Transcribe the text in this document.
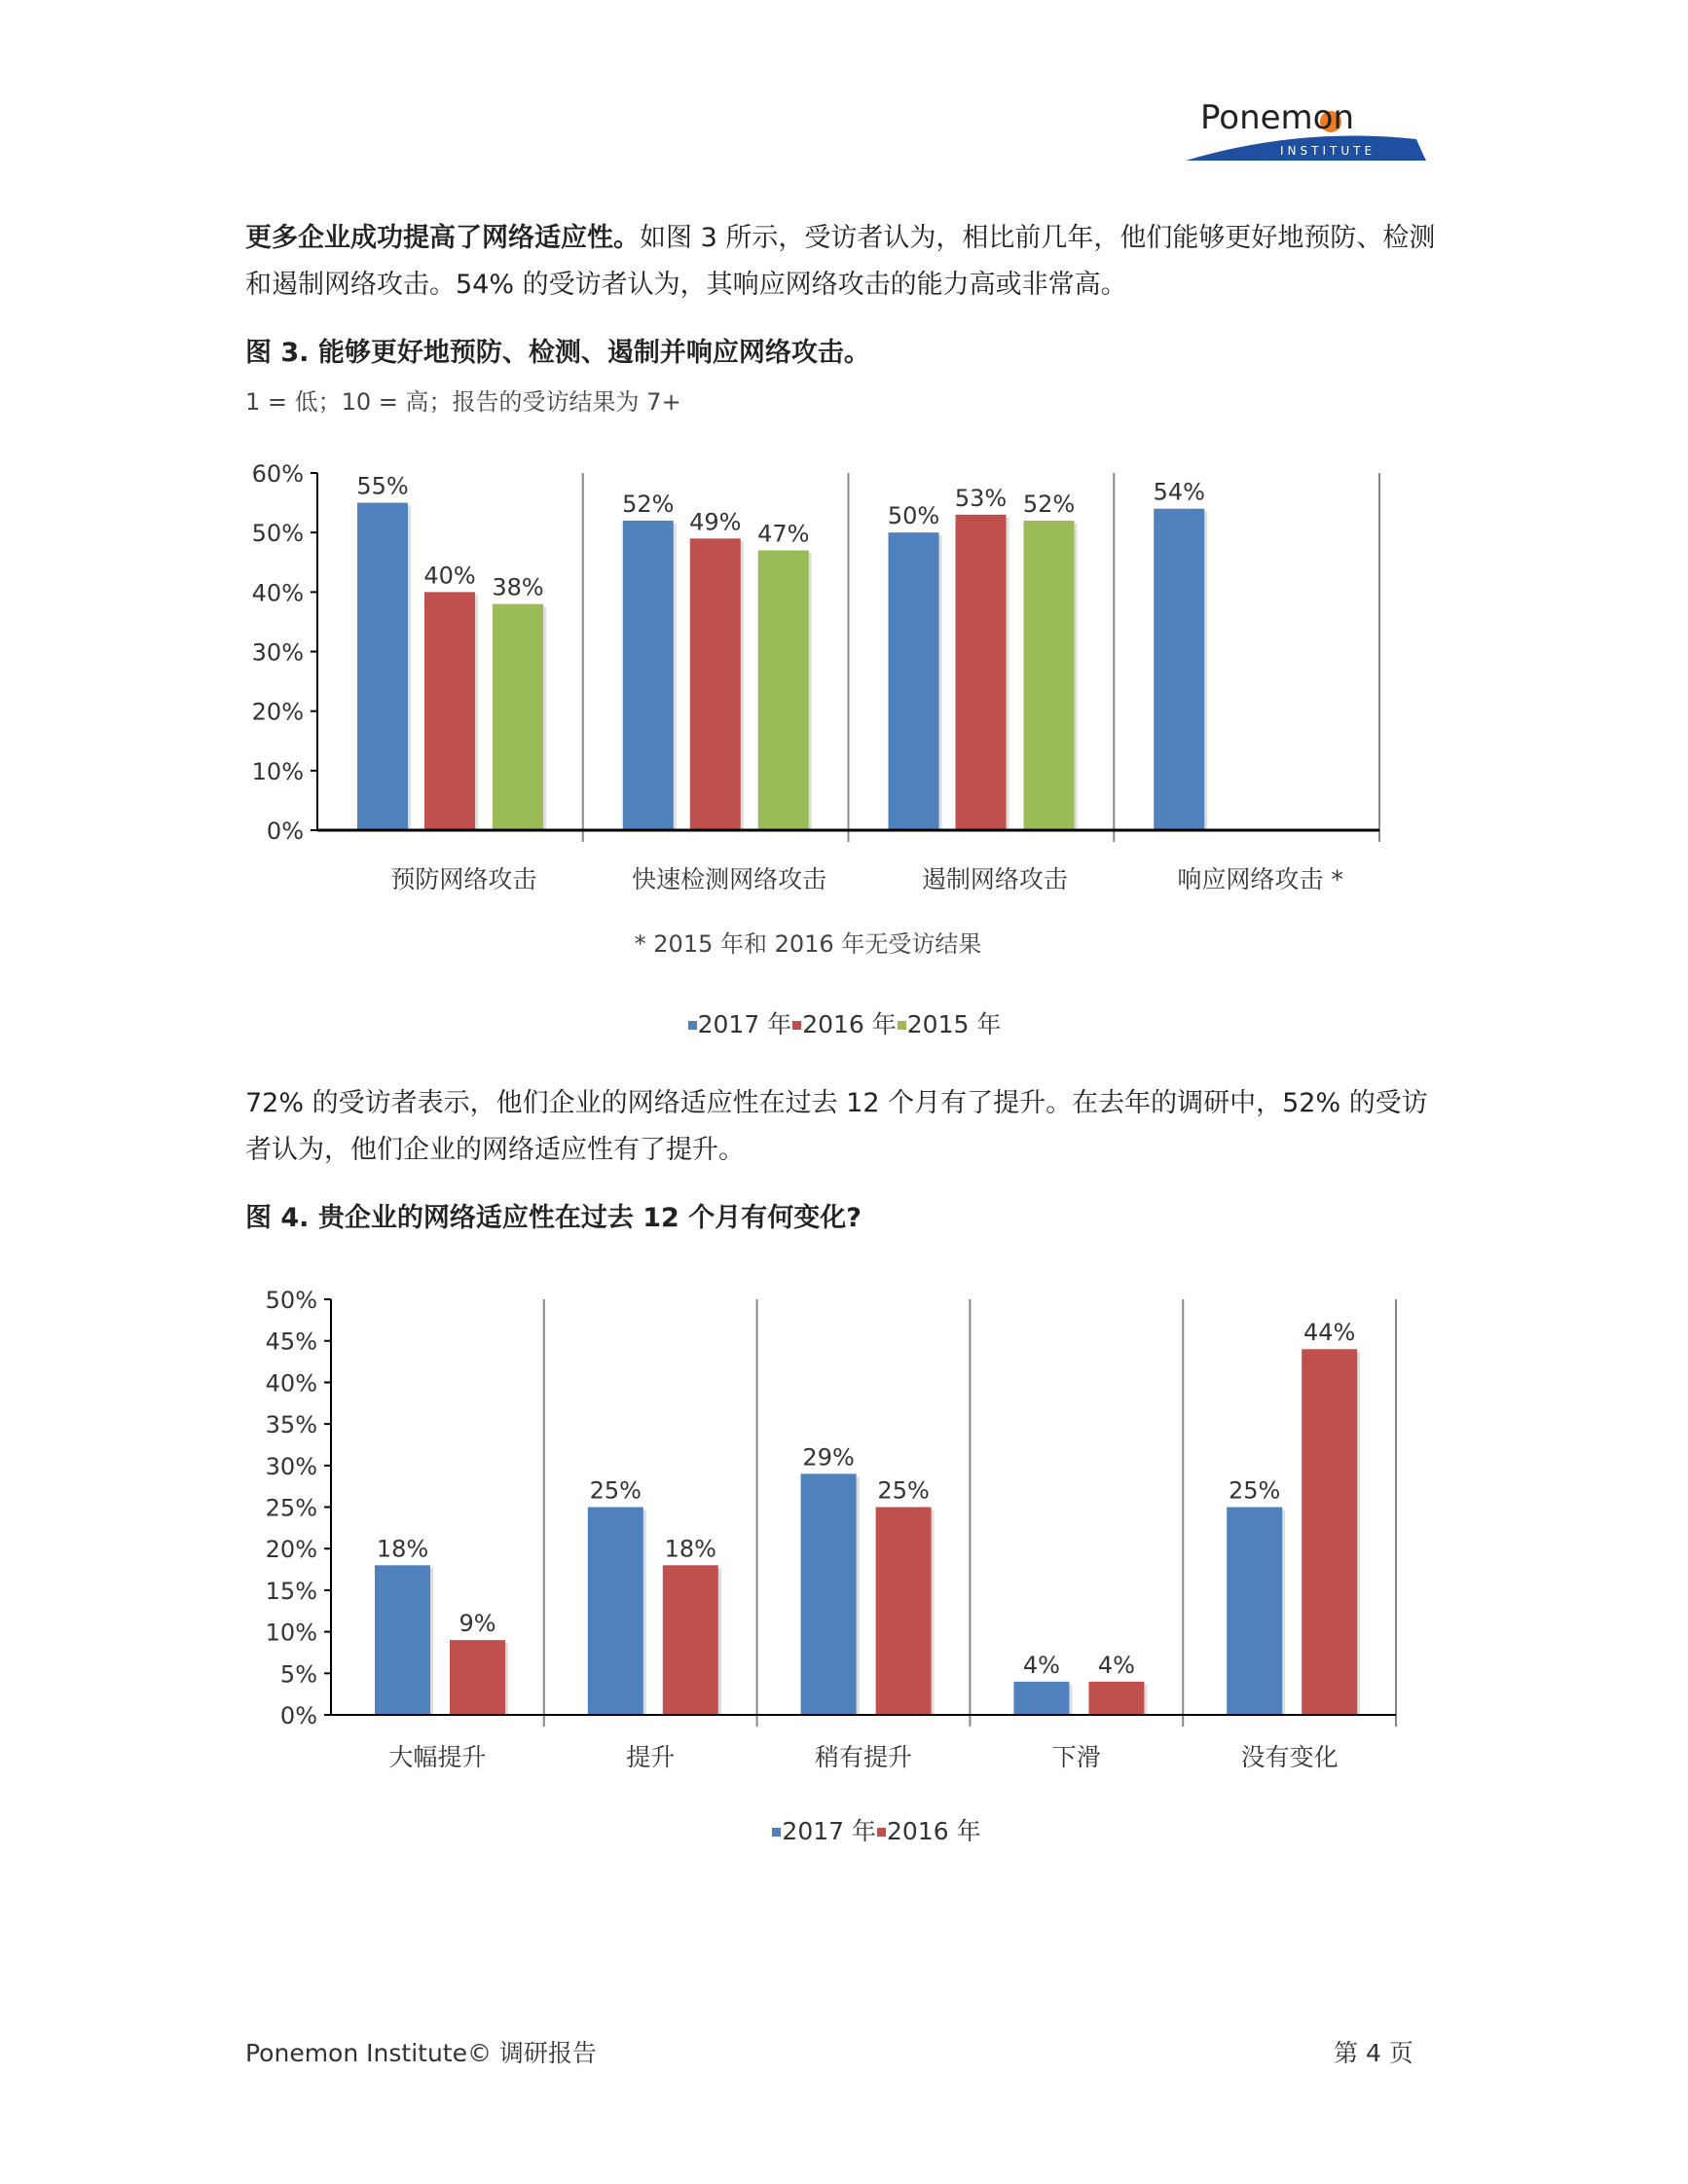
Ponemon
INSTITUTE
更多企业成功提高了网络适应性。如图 3 所示，受访者认为，相比前几年，他们能够更好地预防、检测和遏制网络攻击。54% 的受访者认为，其响应网络攻击的能力高或非常高。
图 3. 能够更好地预防、检测、遏制并响应网络攻击。
1 = 低；10 = 高；报告的受访结果为 7+
0%
10%
20%
30%
40%
50%
60% 55%
40% 38%
预防网络攻击
52%
49% 47%
快速检测网络攻击
50%
53% 52%
遏制网络攻击
54%
响应网络攻击 *
0%
5%
10%
15%
20%
25%
30%
35%
40%
45%
50%
18%
9%
大幅提升
25%
18%
提升
29%
25%
稍有提升
4% 4%
下滑
25%
44%
没有变化
* 2015 年和 2016 年无受访结果
2017 年 2016 年 2015 年
72% 的受访者表示，他们企业的网络适应性在过去 12 个月有了提升。在去年的调研中，52% 的受访者认为，他们企业的网络适应性有了提升。
图 4. 贵企业的网络适应性在过去 12 个月有何变化?
2017 年 2016 年
Ponemon Institute© 调研报告	第 4 页
